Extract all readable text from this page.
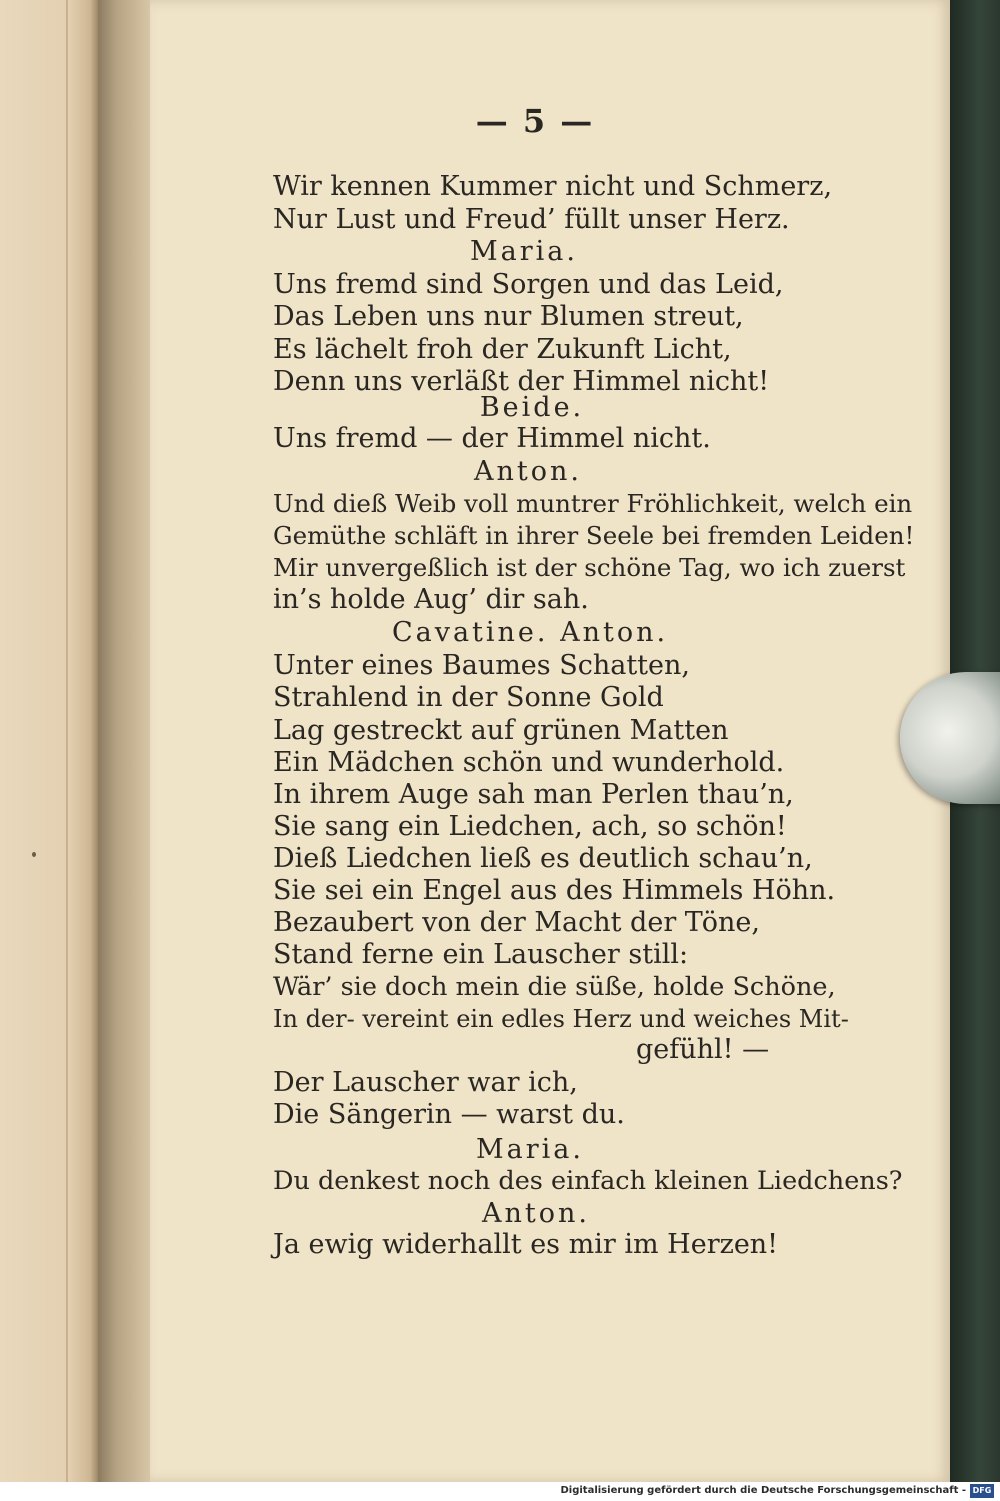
— 5 —

Wir kennen Kummer nicht und Schmerz,

Nur Lust und Freud’ füllt unser Herz.

Maria.

Uns fremd sind Sorgen und das Leid,

Das Leben uns nur Blumen streut,

Es lächelt froh der Zukunft Licht,

Denn uns verläßt der Himmel nicht!

Beide.

Uns fremd — der Himmel nicht.

Anton.

Und dieß Weib voll muntrer Fröhlichkeit, welch ein

Gemüthe schläft in ihrer Seele bei fremden Leiden!

Mir unvergeßlich ist der schöne Tag, wo ich zuerst

in’s holde Aug’ dir sah.

Cavatine. Anton.

Unter eines Baumes Schatten,

Strahlend in der Sonne Gold

Lag gestreckt auf grünen Matten

Ein Mädchen schön und wunderhold.

In ihrem Auge sah man Perlen thau’n,

Sie sang ein Liedchen, ach, so schön!

Dieß Liedchen ließ es deutlich schau’n,

Sie sei ein Engel aus des Himmels Höhn.

Bezaubert von der Macht der Töne,

Stand ferne ein Lauscher still:

Wär’ sie doch mein die süße, holde Schöne,

In der- vereint ein edles Herz und weiches Mit-

gefühl! —

Der Lauscher war ich,

Die Sängerin — warst du.

Maria.

Du denkest noch des einfach kleinen Liedchens?

Anton.

Ja ewig widerhallt es mir im Herzen!

Digitalisierung gefördert durch die Deutsche Forschungsgemeinschaft - DFG
